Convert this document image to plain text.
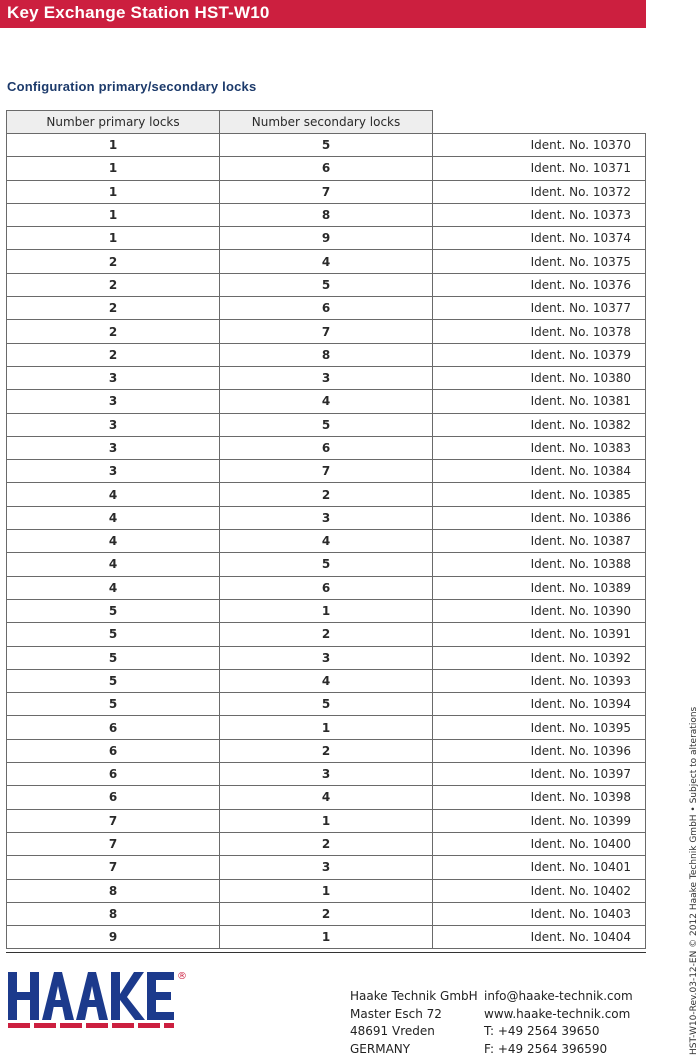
Key Exchange Station HST-W10
Configuration primary/secondary locks
Number primary locks	Number secondary locks	
1	5	Ident. No. 10370
1	6	Ident. No. 10371
1	7	Ident. No. 10372
1	8	Ident. No. 10373
1	9	Ident. No. 10374
2	4	Ident. No. 10375
2	5	Ident. No. 10376
2	6	Ident. No. 10377
2	7	Ident. No. 10378
2	8	Ident. No. 10379
3	3	Ident. No. 10380
3	4	Ident. No. 10381
3	5	Ident. No. 10382
3	6	Ident. No. 10383
3	7	Ident. No. 10384
4	2	Ident. No. 10385
4	3	Ident. No. 10386
4	4	Ident. No. 10387
4	5	Ident. No. 10388
4	6	Ident. No. 10389
5	1	Ident. No. 10390
5	2	Ident. No. 10391
5	3	Ident. No. 10392
5	4	Ident. No. 10393
5	5	Ident. No. 10394
6	1	Ident. No. 10395
6	2	Ident. No. 10396
6	3	Ident. No. 10397
6	4	Ident. No. 10398
7	1	Ident. No. 10399
7	2	Ident. No. 10400
7	3	Ident. No. 10401
8	1	Ident. No. 10402
8	2	Ident. No. 10403
9	1	Ident. No. 10404	HST-W10-Rev.03-12-EN © 2012 Haake Technik GmbH • Subject to alterations
®
Haake Technik GmbH
Master Esch 72
48691 Vreden
GERMANY
info@haake-technik.com
www.haake-technik.com
T: +49 2564 39650
F: +49 2564 396590
